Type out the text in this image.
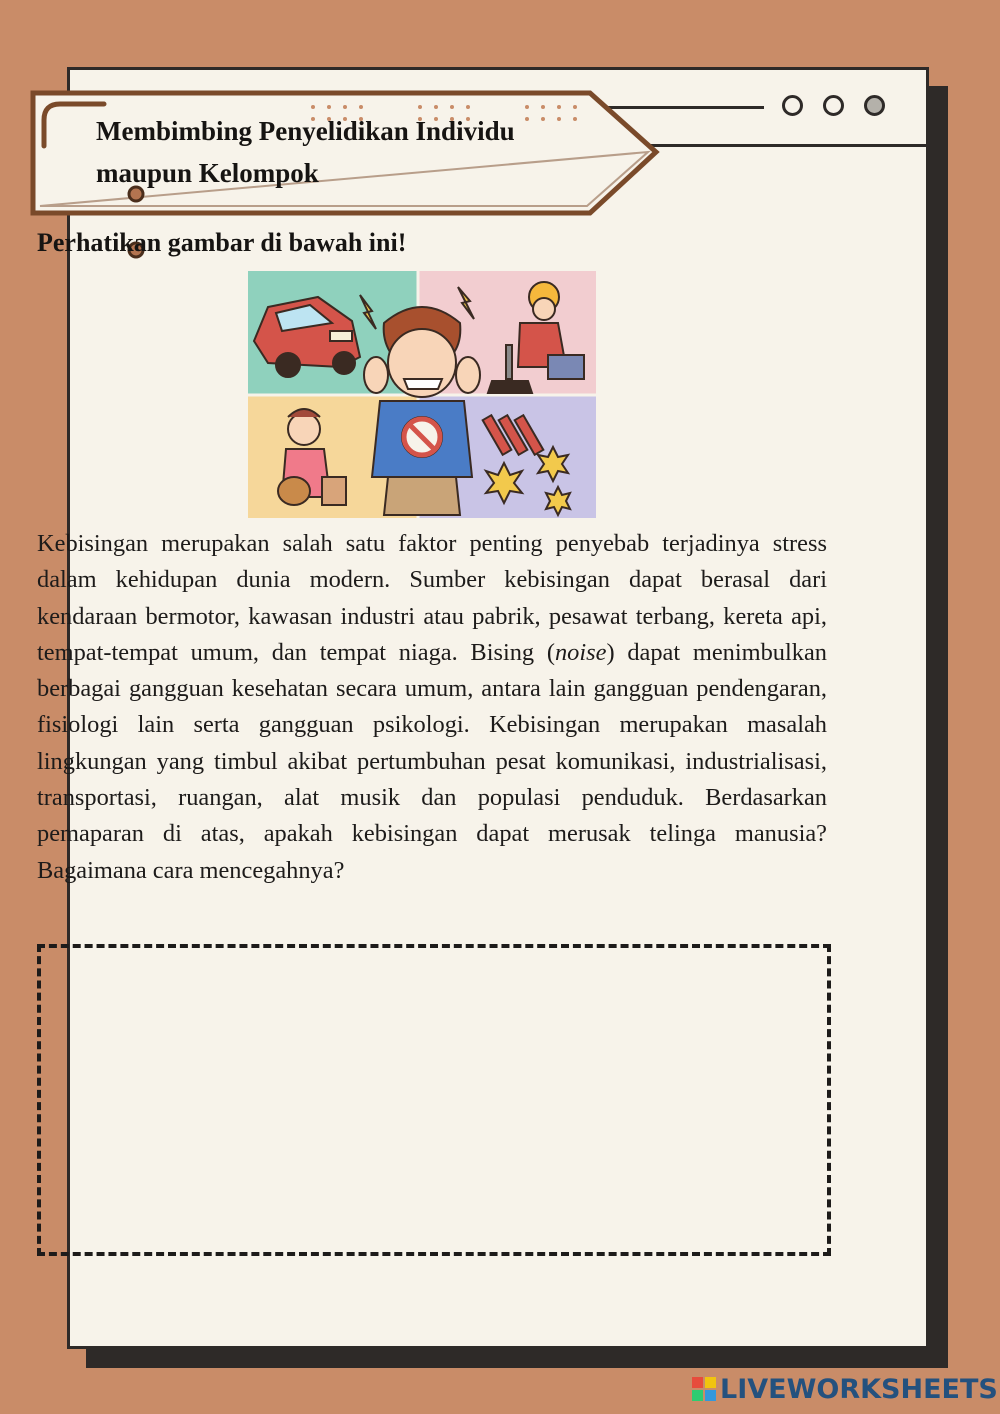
Membimbing Penyelidikan Individu
maupun Kelompok
Perhatikan gambar di bawah ini!

Kebisingan merupakan salah satu faktor penting penyebab terjadinya stress dalam kehidupan dunia modern. Sumber kebisingan dapat berasal dari kendaraan bermotor, kawasan industri atau pabrik, pesawat terbang, kereta api, tempat-tempat umum, dan tempat niaga. Bising (noise) dapat menimbulkan berbagai gangguan kesehatan secara umum, antara lain gangguan pendengaran, fisiologi lain serta gangguan psikologi. Kebisingan merupakan masalah lingkungan yang timbul akibat pertumbuhan pesat komunikasi, industrialisasi, transportasi, ruangan, alat musik dan populasi penduduk. Berdasarkan pemaparan di atas, apakah kebisingan dapat merusak telinga manusia? Bagaimana cara mencegahnya?

LIVEWORKSHEETS
